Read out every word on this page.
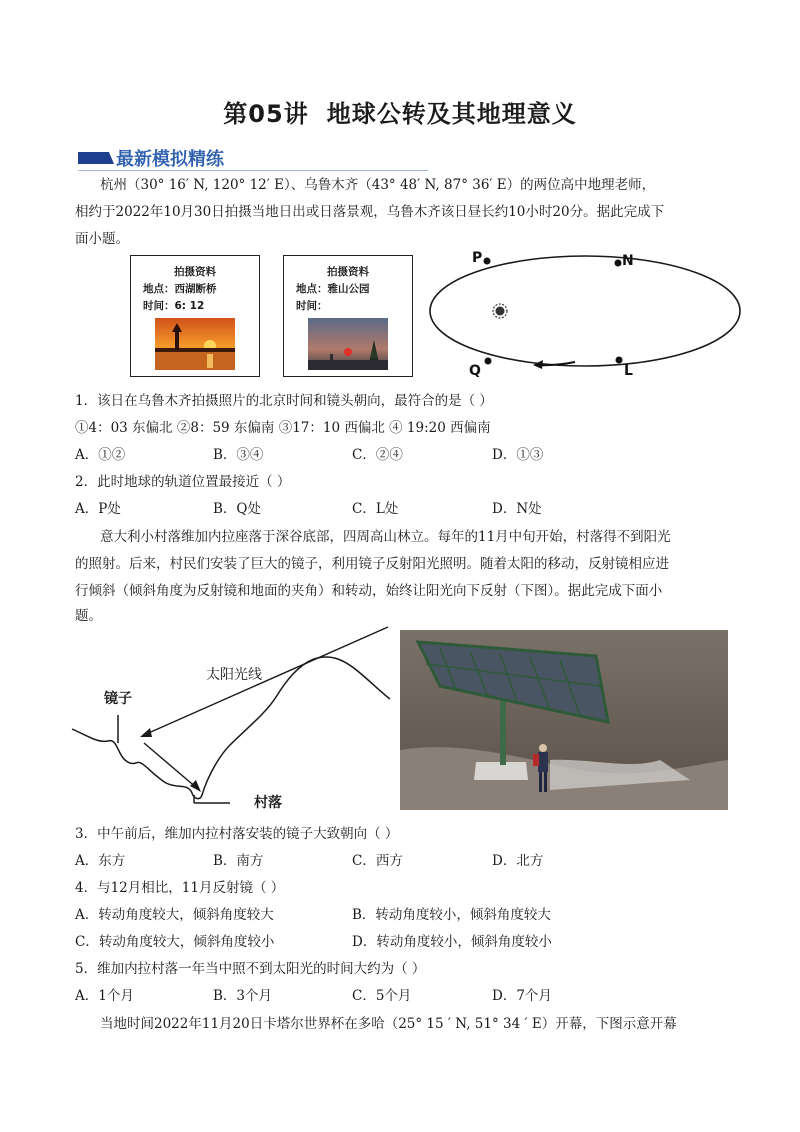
第05讲 地球公转及其地理意义
最新模拟精练
杭州（30° 16′ N, 120° 12′ E）、乌鲁木齐（43° 48′ N, 87° 36′ E）的两位高中地理老师，
相约于2022年10月30日拍摄当地日出或日落景观，乌鲁木齐该日昼长约10小时20分。据此完成下
面小题。
拍摄资料
地点：西湖断桥
时间：6: 12
拍摄资料
地点：雅山公园
时间：
P	N
Q	L
1．该日在乌鲁木齐拍摄照片的北京时间和镜头朝向，最符合的是（ ）
①4：03 东偏北 ②8：59 东偏南 ③17：10 西偏北 ④ 19:20 西偏南
A．①②	B．③④	C．②④	D．①③
2．此时地球的轨道位置最接近（ ）
A．P处	B．Q处	C．L处	D．N处
意大利小村落维加内拉座落于深谷底部，四周高山林立。每年的11月中旬开始，村落得不到阳光
的照射。后来，村民们安装了巨大的镜子，利用镜子反射阳光照明。随着太阳的移动，反射镜相应进
行倾斜（倾斜角度为反射镜和地面的夹角）和转动，始终让阳光向下反射（下图）。据此完成下面小
题。
太阳光线
镜子
村落
3．中午前后，维加内拉村落安装的镜子大致朝向（ ）
A．东方	B．南方	C．西方	D．北方
4．与12月相比，11月反射镜（ ）
A．转动角度较大，倾斜角度较大	B．转动角度较小，倾斜角度较大
C．转动角度较大，倾斜角度较小	D．转动角度较小，倾斜角度较小
5．维加内拉村落一年当中照不到太阳光的时间大约为（ ）
A．1个月	B．3个月	C．5个月	D．7个月
当地时间2022年11月20日卡塔尔世界杯在多哈（25° 15 ′ N, 51° 34 ′ E）开幕，下图示意开幕
